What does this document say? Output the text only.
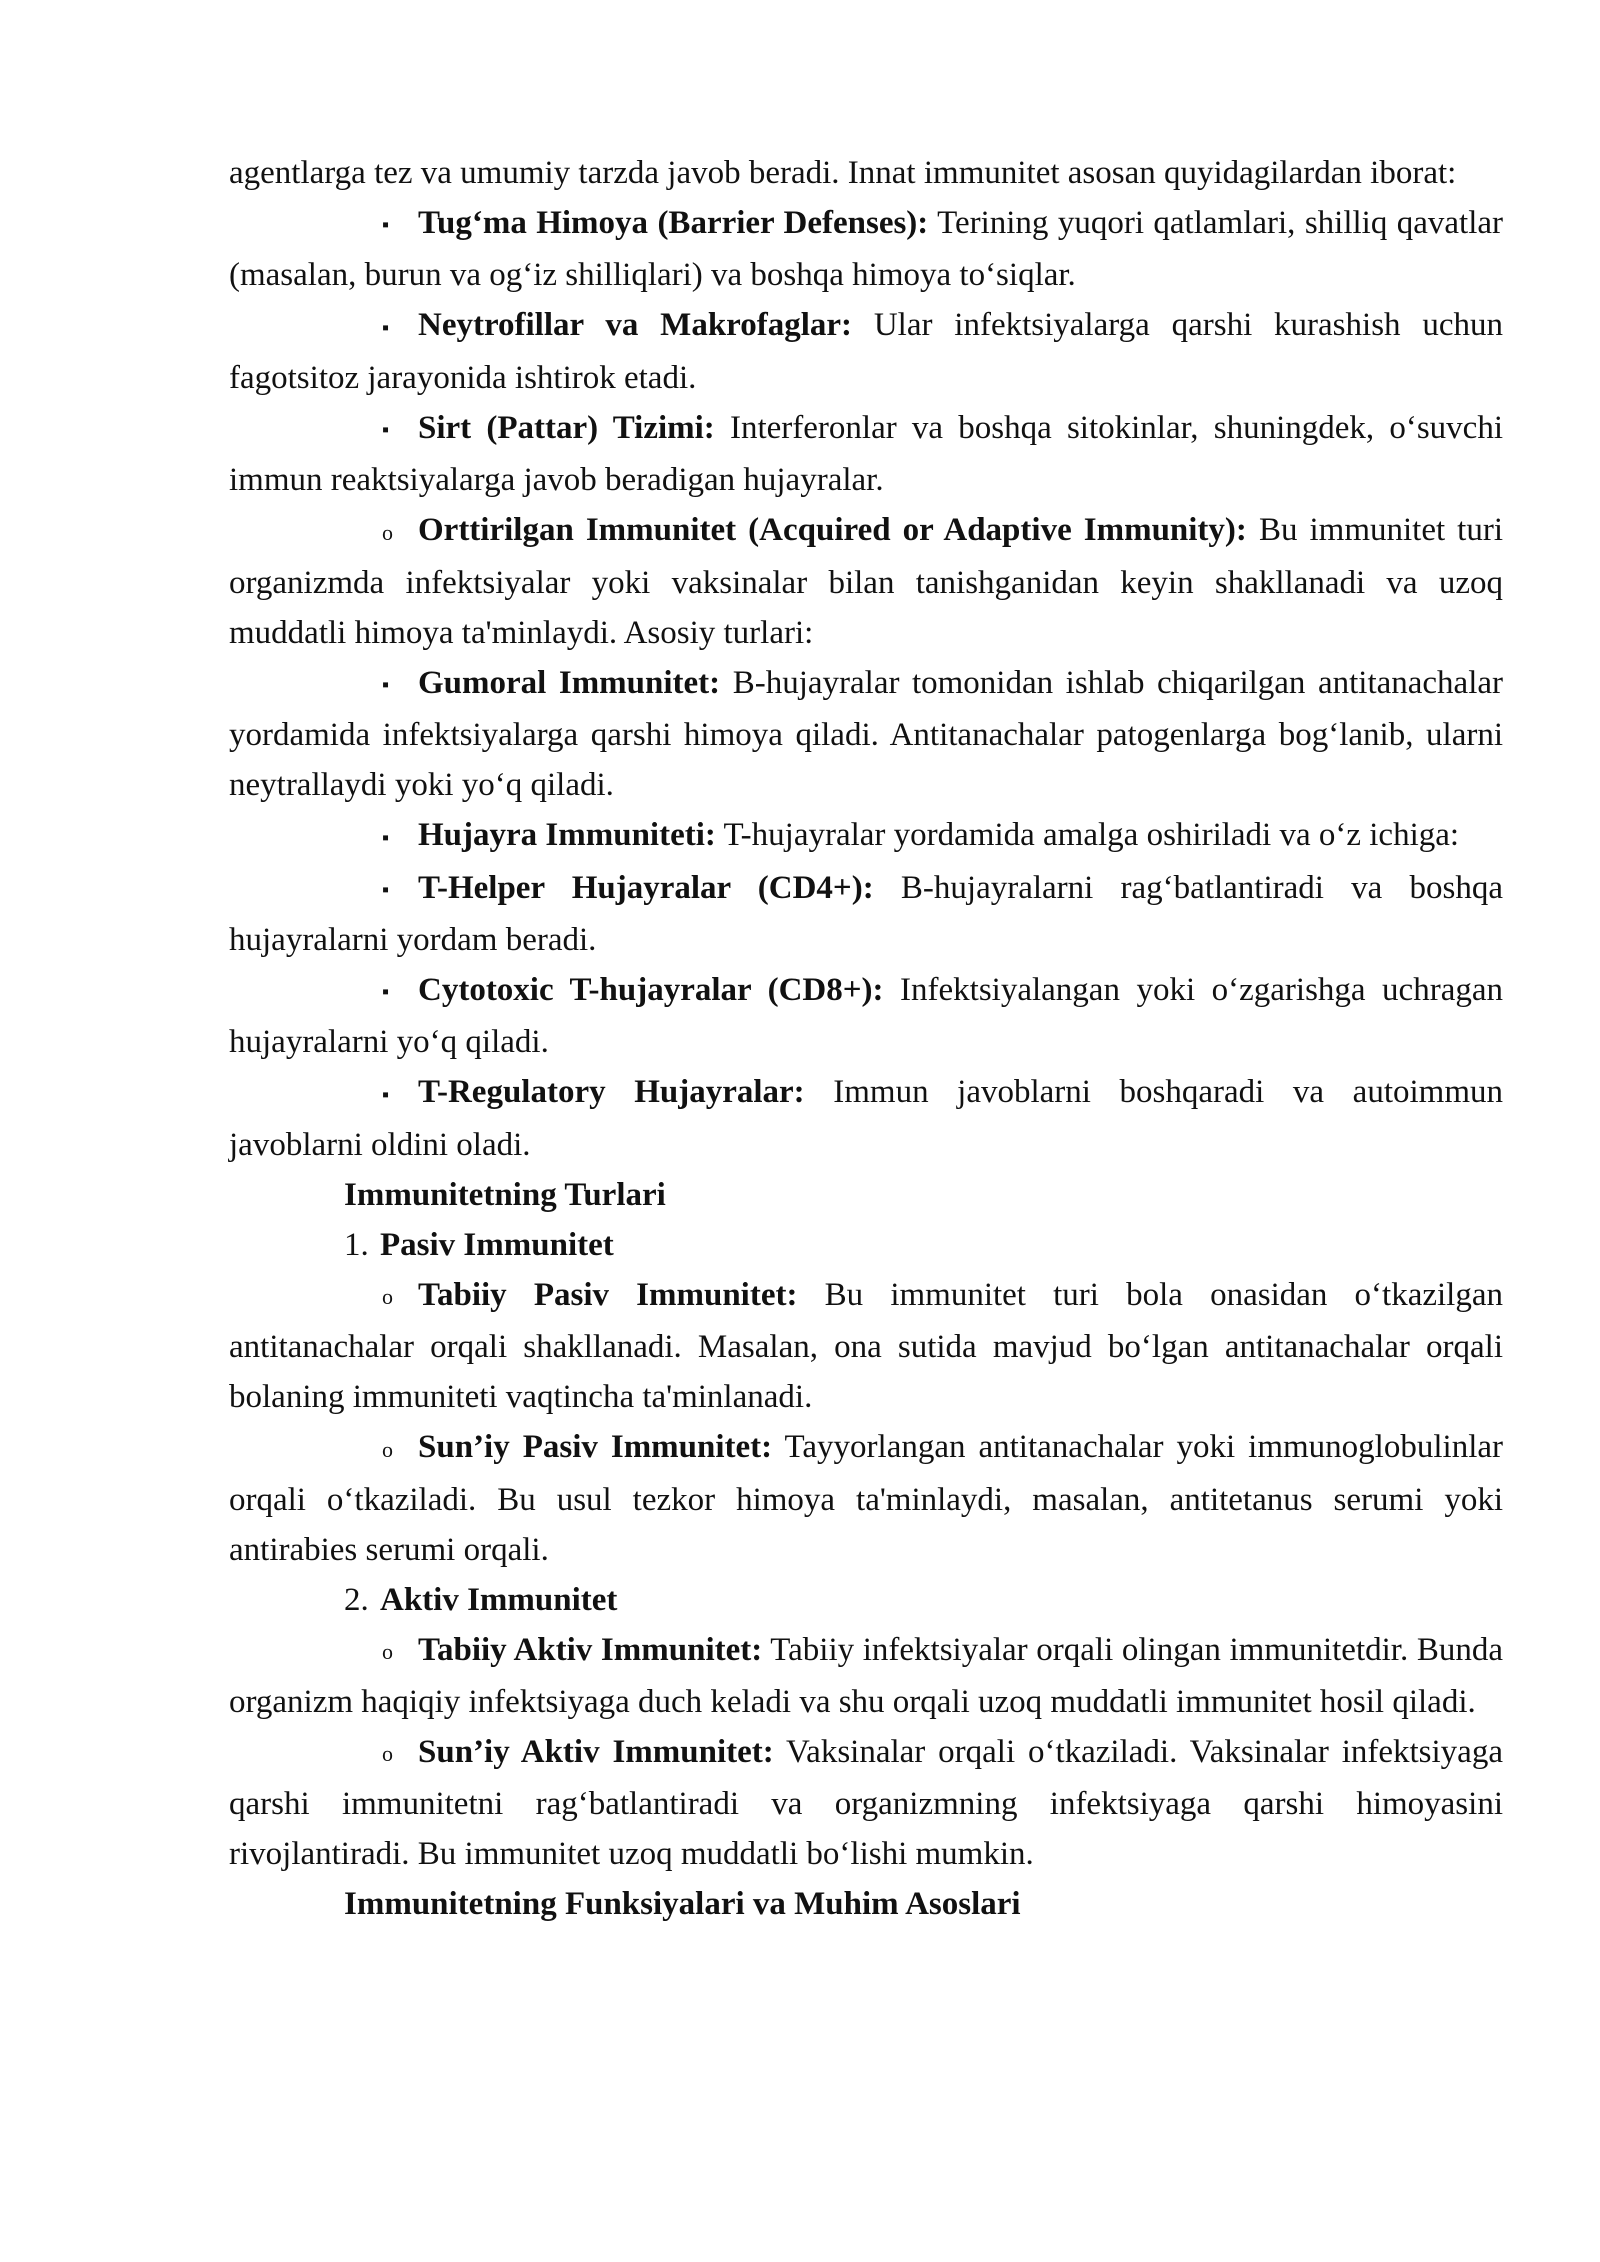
agentlarga tez va umumiy tarzda javob beradi. Innat immunitet asosan quyidagilardan iborat:

▪ Tug‘ma Himoya (Barrier Defenses): Terining yuqori qatlamlari, shilliq qavatlar (masalan, burun va og‘iz shilliqlari) va boshqa himoya to‘siqlar.

▪ Neytrofillar va Makrofaglar: Ular infektsiyalarga qarshi kurashish uchun fagotsitoz jarayonida ishtirok etadi.

▪ Sirt (Pattar) Tizimi: Interferonlar va boshqa sitokinlar, shuningdek, o‘suvchi immun reaktsiyalarga javob beradigan hujayralar.

o Orttirilgan Immunitet (Acquired or Adaptive Immunity): Bu immunitet turi organizmda infektsiyalar yoki vaksinalar bilan tanishganidan keyin shakllanadi va uzoq muddatli himoya ta'minlaydi. Asosiy turlari:

▪ Gumoral Immunitet: B-hujayralar tomonidan ishlab chiqarilgan antitanachalar yordamida infektsiyalarga qarshi himoya qiladi. Antitanachalar patogenlarga bog‘lanib, ularni neytrallaydi yoki yo‘q qiladi.

▪ Hujayra Immuniteti: T-hujayralar yordamida amalga oshiriladi va o‘z ichiga:

▪ T-Helper Hujayralar (CD4+): B-hujayralarni rag‘batlantiradi va boshqa hujayralarni yordam beradi.

▪ Cytotoxic T-hujayralar (CD8+): Infektsiyalangan yoki o‘zgarishga uchragan hujayralarni yo‘q qiladi.

▪ T-Regulatory Hujayralar: Immun javoblarni boshqaradi va autoimmun javoblarni oldini oladi.

Immunitetning Turlari

1. Pasiv Immunitet

o Tabiiy Pasiv Immunitet: Bu immunitet turi bola onasidan o‘tkazilgan antitanachalar orqali shakllanadi. Masalan, ona sutida mavjud bo‘lgan antitanachalar orqali bolaning immuniteti vaqtincha ta'minlanadi.

o Sun’iy Pasiv Immunitet: Tayyorlangan antitanachalar yoki immunoglobulinlar orqali o‘tkaziladi. Bu usul tezkor himoya ta'minlaydi, masalan, antitetanus serumi yoki antirabies serumi orqali.

2. Aktiv Immunitet

o Tabiiy Aktiv Immunitet: Tabiiy infektsiyalar orqali olingan immunitetdir. Bunda organizm haqiqiy infektsiyaga duch keladi va shu orqali uzoq muddatli immunitet hosil qiladi.

o Sun’iy Aktiv Immunitet: Vaksinalar orqali o‘tkaziladi. Vaksinalar infektsiyaga qarshi immunitetni rag‘batlantiradi va organizmning infektsiyaga qarshi himoyasini rivojlantiradi. Bu immunitet uzoq muddatli bo‘lishi mumkin.

Immunitetning Funksiyalari va Muhim Asoslari
